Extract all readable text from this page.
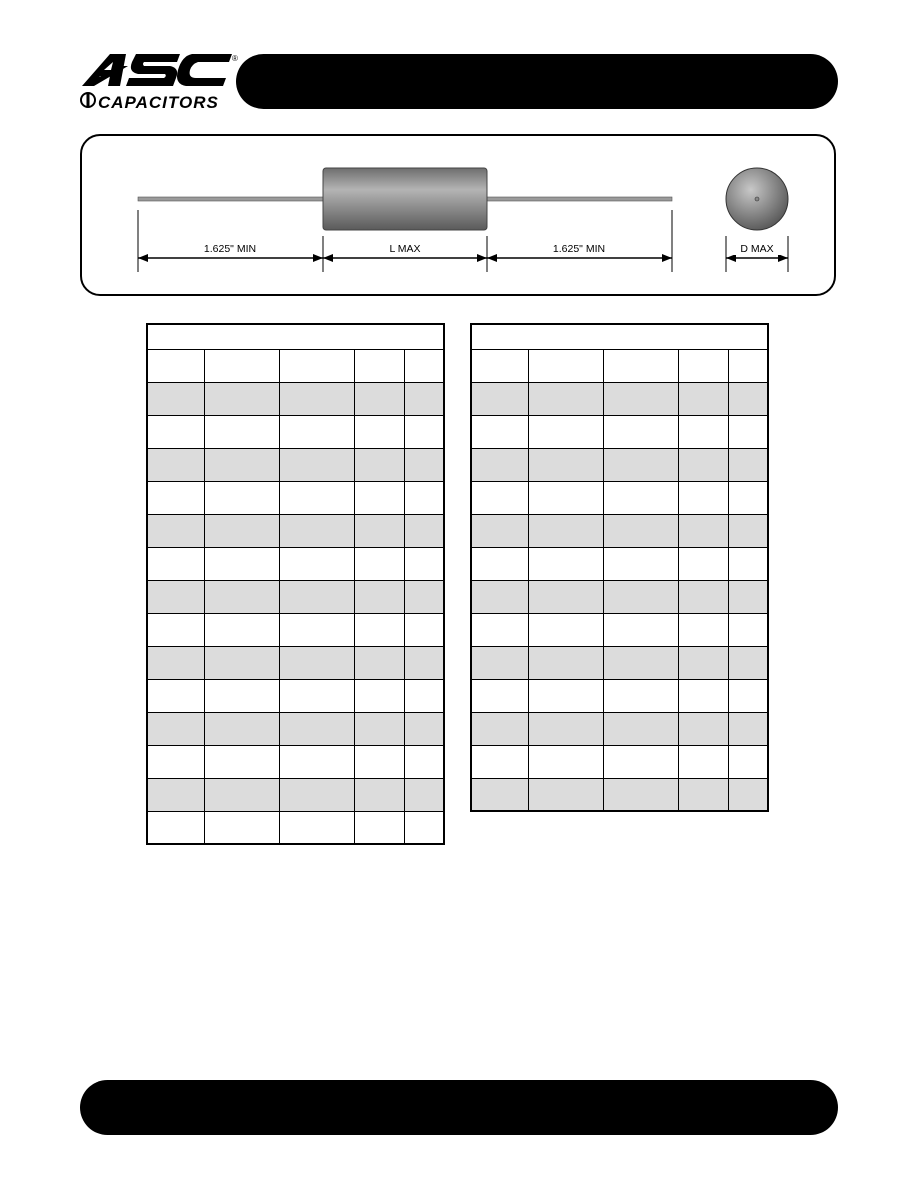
®
CAPACITORS
1.625" MIN	L MAX	1.625" MIN	D MAX
